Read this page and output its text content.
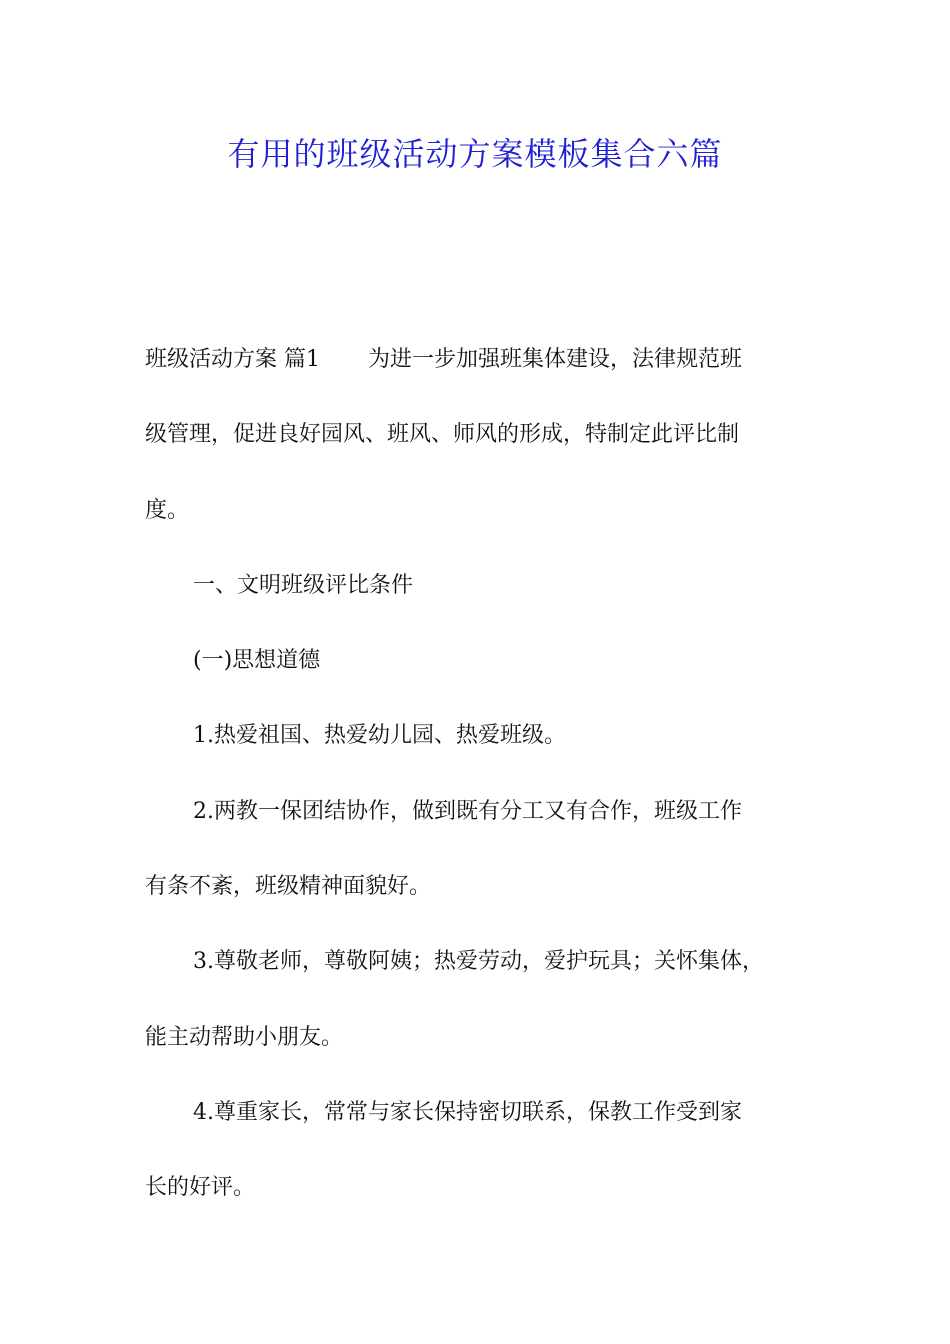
有用的班级活动方案模板集合六篇
班级活动方案 篇1 为进一步加强班集体建设，法律规范班
级管理，促进良好园风、班风、师风的形成，特制定此评比制
度。
一、文明班级评比条件
(一)思想道德
1.热爱祖国、热爱幼儿园、热爱班级。
2.两教一保团结协作，做到既有分工又有合作，班级工作
有条不紊，班级精神面貌好。
3.尊敬老师，尊敬阿姨；热爱劳动，爱护玩具；关怀集体，
能主动帮助小朋友。
4.尊重家长，常常与家长保持密切联系，保教工作受到家
长的好评。
